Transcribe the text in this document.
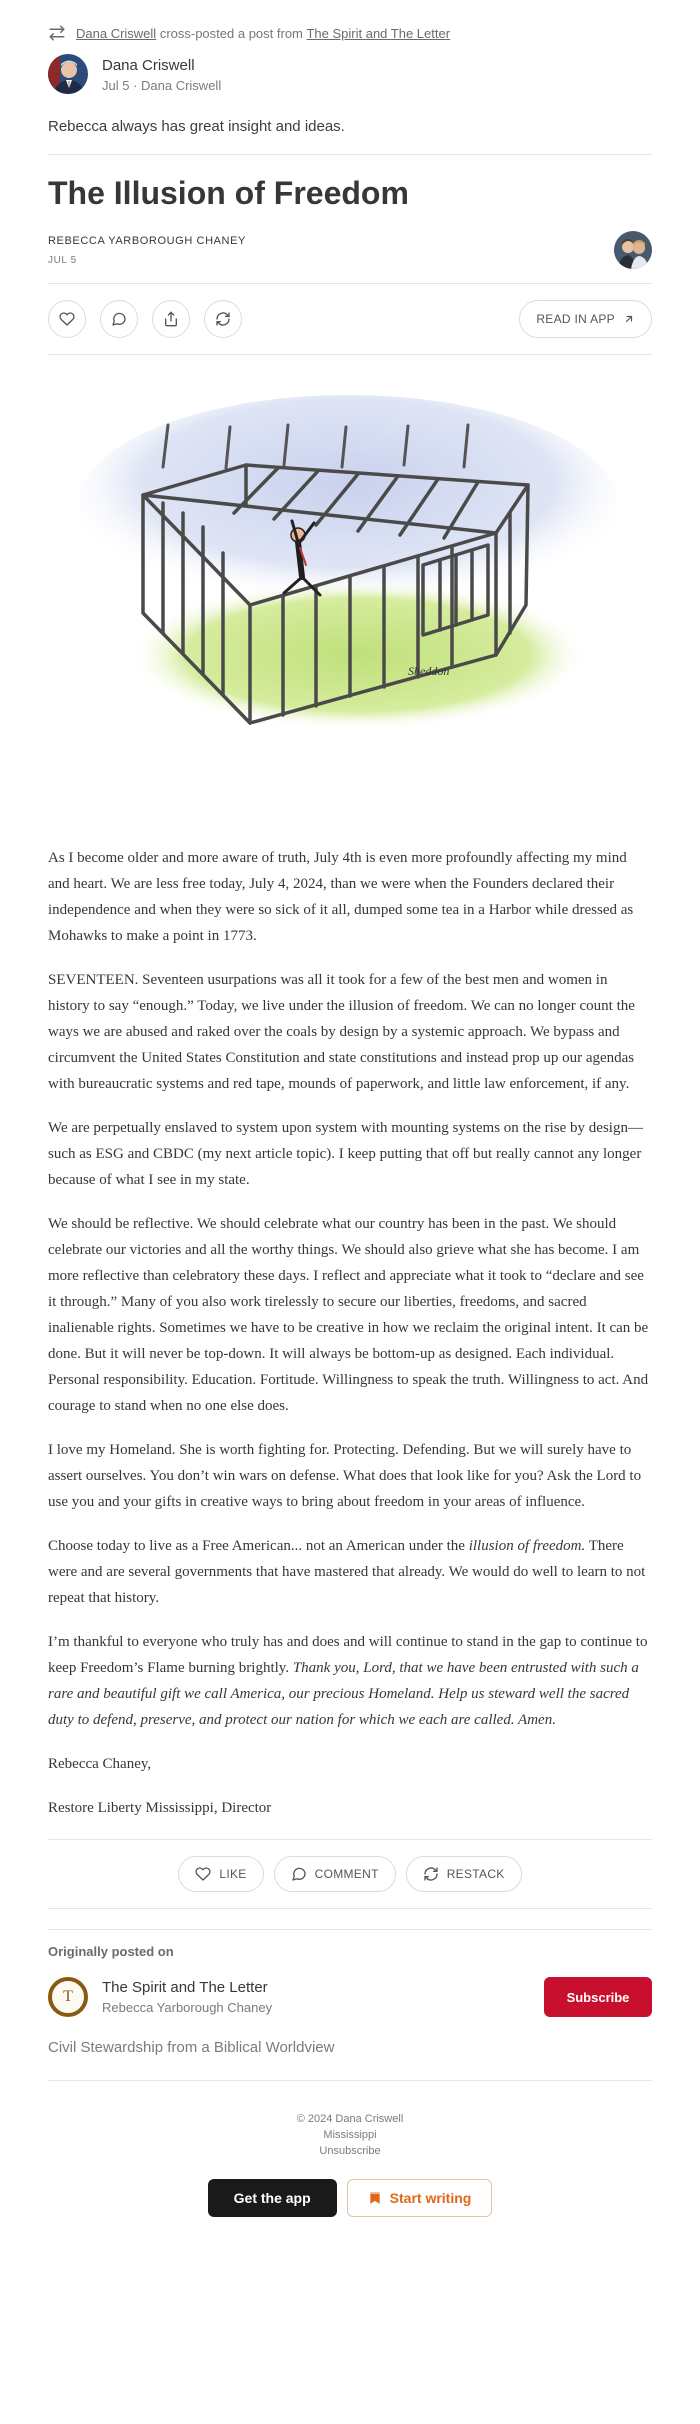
Dana Criswell cross-posted a post from The Spirit and The Letter
Dana Criswell
Jul 5 · Dana Criswell
Rebecca always has great insight and ideas.
The Illusion of Freedom
REBECCA YARBOROUGH CHANEY
JUL 5
READ IN APP
Sheddon

As I become older and more aware of truth, July 4th is even more profoundly affecting my mind and heart. We are less free today, July 4, 2024, than we were when the Founders declared their independence and when they were so sick of it all, dumped some tea in a Harbor while dressed as Mohawks to make a point in 1773.

SEVENTEEN. Seventeen usurpations was all it took for a few of the best men and women in history to say “enough.” Today, we live under the illusion of freedom. We can no longer count the ways we are abused and raked over the coals by design by a systemic approach. We bypass and circumvent the United States Constitution and state constitutions and instead prop up our agendas with bureaucratic systems and red tape, mounds of paperwork, and little law enforcement, if any.

We are perpetually enslaved to system upon system with mounting systems on the rise by design—such as ESG and CBDC (my next article topic). I keep putting that off but really cannot any longer because of what I see in my state.

We should be reflective. We should celebrate what our country has been in the past. We should celebrate our victories and all the worthy things. We should also grieve what she has become. I am more reflective than celebratory these days. I reflect and appreciate what it took to “declare and see it through.” Many of you also work tirelessly to secure our liberties, freedoms, and sacred inalienable rights. Sometimes we have to be creative in how we reclaim the original intent. It can be done. But it will never be top-down. It will always be bottom-up as designed. Each individual. Personal responsibility. Education. Fortitude. Willingness to speak the truth. Willingness to act. And courage to stand when no one else does.

I love my Homeland. She is worth fighting for. Protecting. Defending. But we will surely have to assert ourselves. You don’t win wars on defense. What does that look like for you? Ask the Lord to use you and your gifts in creative ways to bring about freedom in your areas of influence.

Choose today to live as a Free American... not an American under the illusion of freedom. There were and are several governments that have mastered that already. We would do well to learn to not repeat that history.

I’m thankful to everyone who truly has and does and will continue to stand in the gap to continue to keep Freedom’s Flame burning brightly. Thank you, Lord, that we have been entrusted with such a rare and beautiful gift we call America, our precious Homeland. Help us steward well the sacred duty to defend, preserve, and protect our nation for which we each are called. Amen.

Rebecca Chaney,

Restore Liberty Mississippi, Director

LIKE	COMMENT	RESTACK
Originally posted on
T
The Spirit and The Letter
Rebecca Yarborough Chaney
Subscribe
Civil Stewardship from a Biblical Worldview
© 2024 Dana Criswell
Mississippi
Unsubscribe
Get the app	Start writing
